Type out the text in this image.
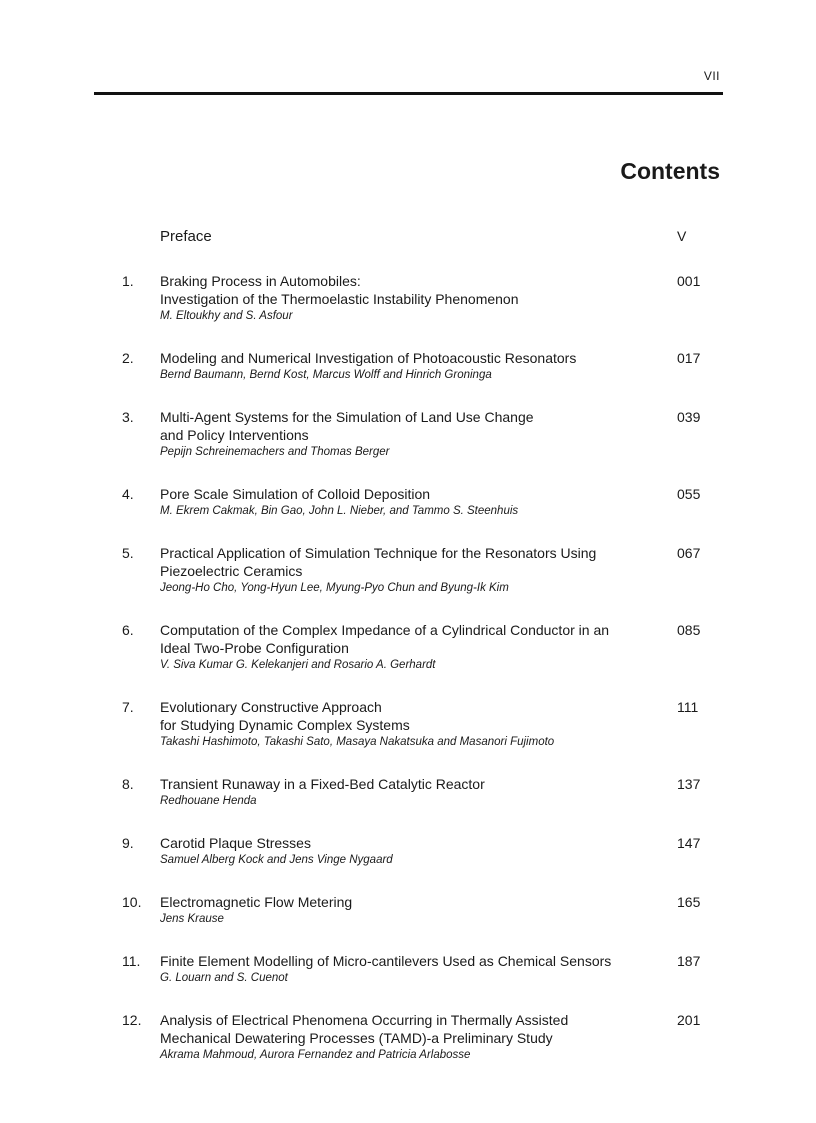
VII
Contents
Preface	V
1. Braking Process in Automobiles:
Investigation of the Thermoelastic Instability Phenomenon
M. Eltoukhy and S. Asfour
001
2. Modeling and Numerical Investigation of Photoacoustic Resonators
Bernd Baumann, Bernd Kost, Marcus Wolff and Hinrich Groninga
017
3. Multi-Agent Systems for the Simulation of Land Use Change
and Policy Interventions
Pepijn Schreinemachers and Thomas Berger
039
4. Pore Scale Simulation of Colloid Deposition
M. Ekrem Cakmak, Bin Gao, John L. Nieber, and Tammo S. Steenhuis
055
5. Practical Application of Simulation Technique for the Resonators Using
Piezoelectric Ceramics
Jeong-Ho Cho, Yong-Hyun Lee, Myung-Pyo Chun and Byung-Ik Kim
067
6. Computation of the Complex Impedance of a Cylindrical Conductor in an
Ideal Two-Probe Configuration
V. Siva Kumar G. Kelekanjeri and Rosario A. Gerhardt
085
7. Evolutionary Constructive Approach
for Studying Dynamic Complex Systems
Takashi Hashimoto, Takashi Sato, Masaya Nakatsuka and Masanori Fujimoto
111
8. Transient Runaway in a Fixed-Bed Catalytic Reactor
Redhouane Henda
137
9. Carotid Plaque Stresses
Samuel Alberg Kock and Jens Vinge Nygaard
147
10. Electromagnetic Flow Metering
Jens Krause
165
11. Finite Element Modelling of Micro-cantilevers Used as Chemical Sensors
G. Louarn and S. Cuenot
187
12. Analysis of Electrical Phenomena Occurring in Thermally Assisted
Mechanical Dewatering Processes (TAMD)-a Preliminary Study
Akrama Mahmoud, Aurora Fernandez and Patricia Arlabosse
201
